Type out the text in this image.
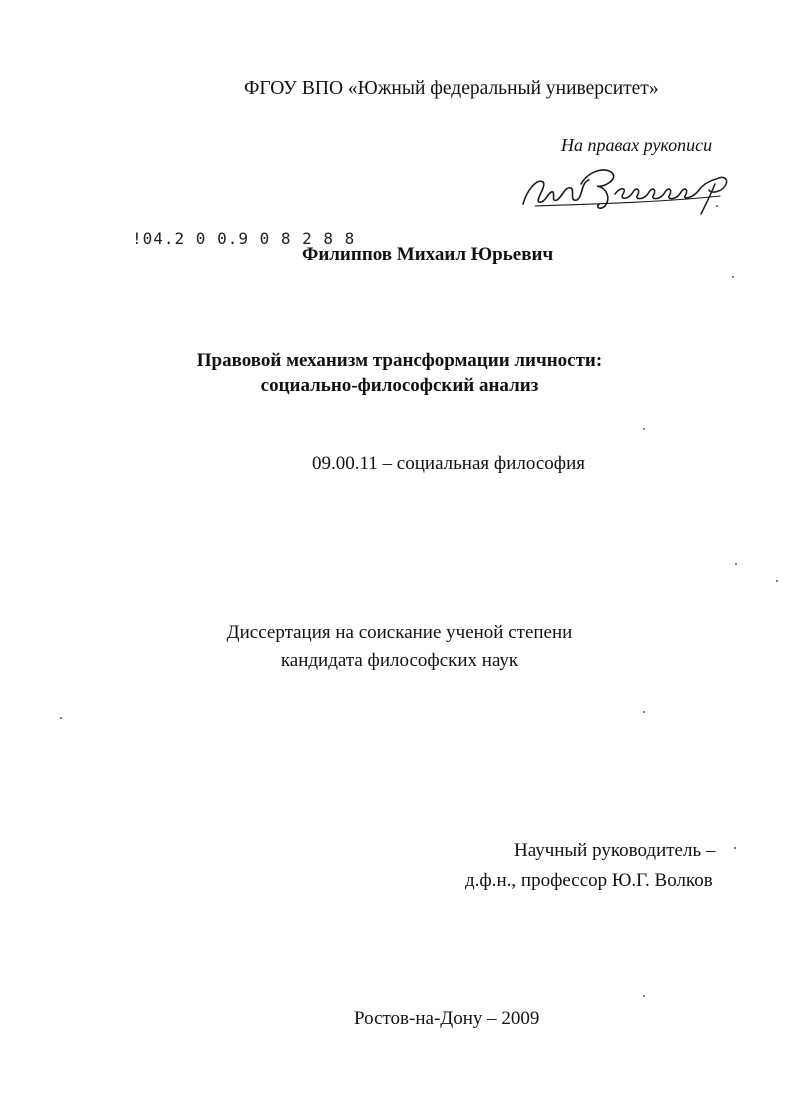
ФГОУ ВПО «Южный федеральный университет»
На правах рукописи
!04.2 0 0.9 0 8 2 8 8
Филиппов Михаил Юрьевич
Правовой механизм трансформации личности:
социально-философский анализ
09.00.11 – социальная философия
Диссертация на соискание ученой степени
кандидата философских наук
Научный руководитель –
д.ф.н., профессор Ю.Г. Волков
Ростов-на-Дону – 2009
